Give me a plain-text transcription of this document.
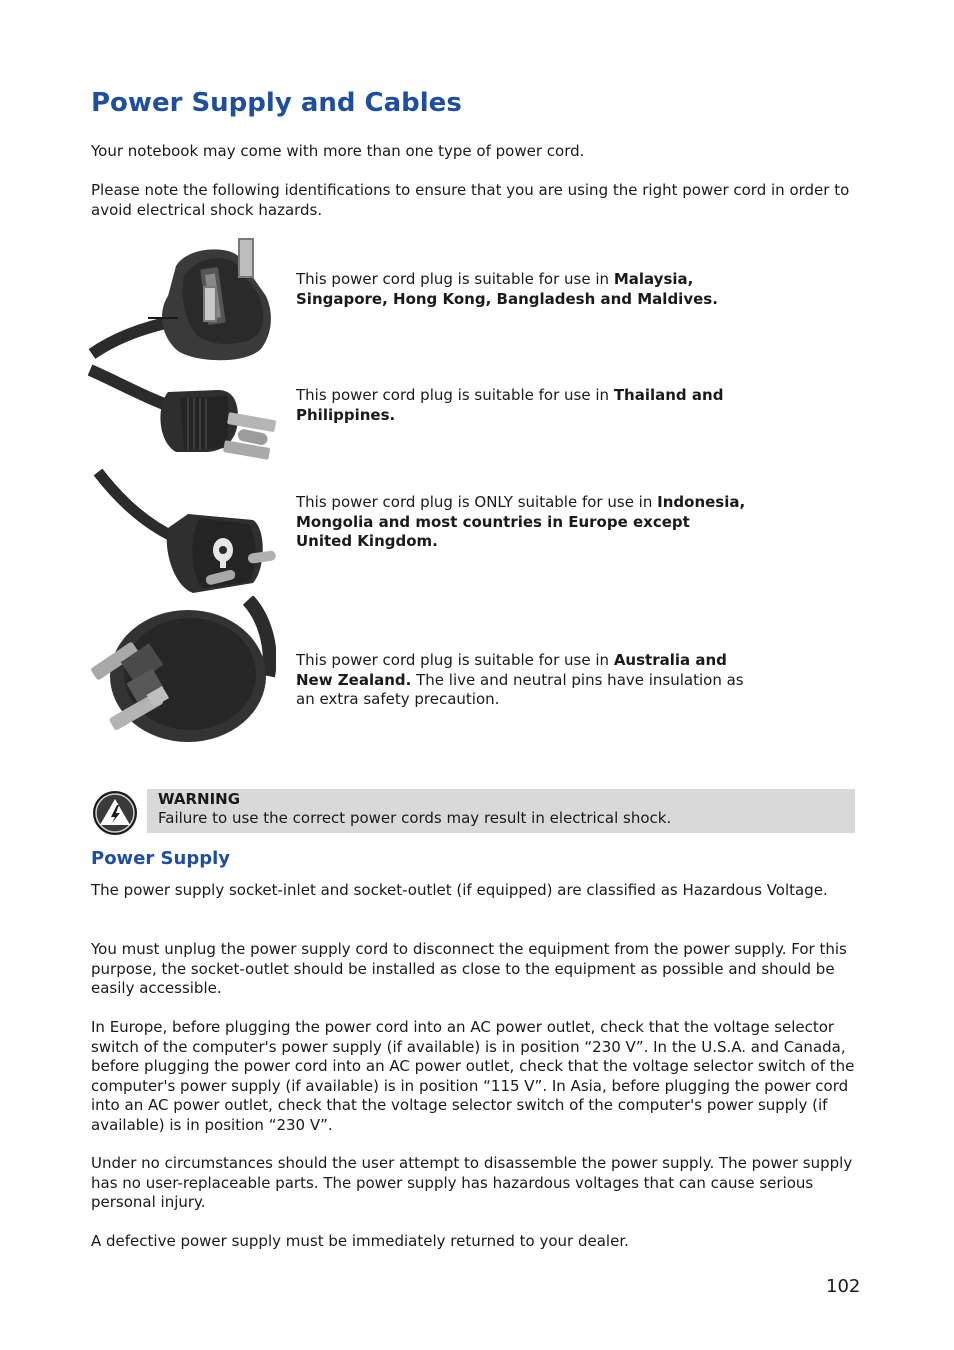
Power Supply and Cables

Your notebook may come with more than one type of power cord.

Please note the following identifications to ensure that you are using the right power cord in order to avoid electrical shock hazards.

This power cord plug is suitable for use in Malaysia,
Singapore, Hong Kong, Bangladesh and Maldives.

This power cord plug is suitable for use in Thailand and
Philippines.

This power cord plug is ONLY suitable for use in Indonesia,
Mongolia and most countries in Europe except
United Kingdom.

This power cord plug is suitable for use in Australia and
New Zealand. The live and neutral pins have insulation as
an extra safety precaution.

WARNING
Failure to use the correct power cords may result in electrical shock.
Power Supply

The power supply socket-inlet and socket-outlet (if equipped) are classified as Hazardous Voltage.

You must unplug the power supply cord to disconnect the equipment from the power supply. For this purpose, the socket-outlet should be installed as close to the equipment as possible and should be easily accessible.

In Europe, before plugging the power cord into an AC power outlet, check that the voltage selector switch of the computer's power supply (if available) is in position “230 V”. In the U.S.A. and Canada, before plugging the power cord into an AC power outlet, check that the voltage selector switch of the computer's power supply (if available) is in position “115 V”. In Asia, before plugging the power cord into an AC power outlet, check that the voltage selector switch of the computer's power supply (if available) is in position “230 V”.

Under no circumstances should the user attempt to disassemble the power supply. The power supply has no user-replaceable parts. The power supply has hazardous voltages that can cause serious personal injury.

A defective power supply must be immediately returned to your dealer.

102
